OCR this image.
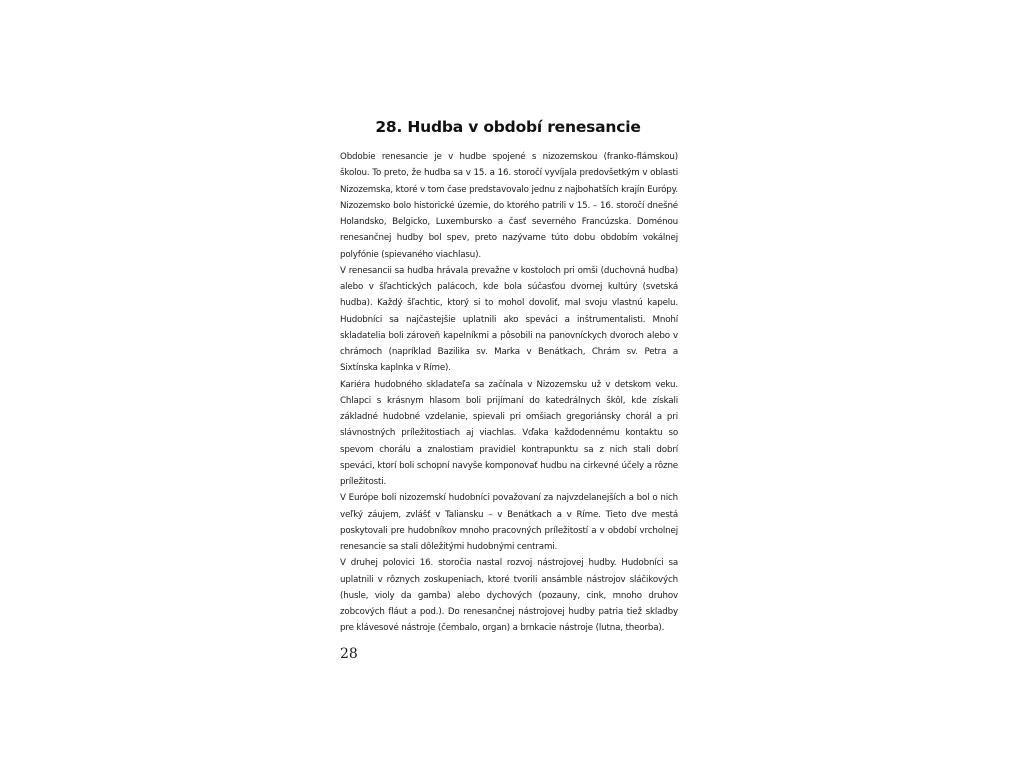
28. Hudba v období renesancie

Obdobie renesancie je v hudbe spojené s nizozemskou (franko-flámskou) školou. To preto, že hudba sa v 15. a 16. storočí vyvíjala predovšetkým v oblasti Nizozemska, ktoré v tom čase predstavovalo jednu z najbohatších krajín Európy. Nizozemsko bolo historické územie, do ktorého patrili v 15. – 16. storočí dnešné Holandsko, Belgicko, Luxembursko a časť severného Francúzska. Doménou renesančnej hudby bol spev, preto nazývame túto dobu obdobím vokálnej polyfónie (spievaného viachlasu).

V renesancii sa hudba hrávala prevažne v kostoloch pri omši (duchovná hudba) alebo v šľachtických palácoch, kde bola súčasťou dvornej kultúry (svetská hudba). Každý šľachtic, ktorý si to mohol dovoliť, mal svoju vlastnú kapelu. Hudobníci sa najčastejšie uplatnili ako speváci a inštrumentalisti. Mnohí skladatelia boli zároveň kapelníkmi a pôsobili na panovníckych dvoroch alebo v chrámoch (napríklad Bazilika sv. Marka v Benátkach, Chrám sv. Petra a Sixtínska kaplnka v Ríme).

Kariéra hudobného skladateľa sa začínala v Nizozemsku už v detskom veku. Chlapci s krásnym hlasom boli prijímaní do katedrálnych škôl, kde získali základné hudobné vzdelanie, spievali pri omšiach gregoriánsky chorál a pri slávnostných príležitostiach aj viachlas. Vďaka každodennému kontaktu so spevom chorálu a znalostiam pravidiel kontrapunktu sa z nich stali dobrí speváci, ktorí boli schopní navyše komponovať hudbu na cirkevné účely a rôzne príležitosti.

V Európe boli nizozemskí hudobníci považovaní za najvzdelanejších a bol o nich veľký záujem, zvlášť v Taliansku – v Benátkach a v Ríme. Tieto dve mestá poskytovali pre hudobníkov mnoho pracovných príležitostí a v období vrcholnej renesancie sa stali dôležitými hudobnými centrami.

V druhej polovici 16. storočia nastal rozvoj nástrojovej hudby. Hudobníci sa uplatnili v rôznych zoskupeniach, ktoré tvorili ansámble nástrojov sláčikových (husle, violy da gamba) alebo dychových (pozauny, cink, mnoho druhov zobcových fláut a pod.). Do renesančnej nástrojovej hudby patria tiež skladby pre klávesové nástroje (čembalo, organ) a brnkacie nástroje (lutna, theorba).

28
